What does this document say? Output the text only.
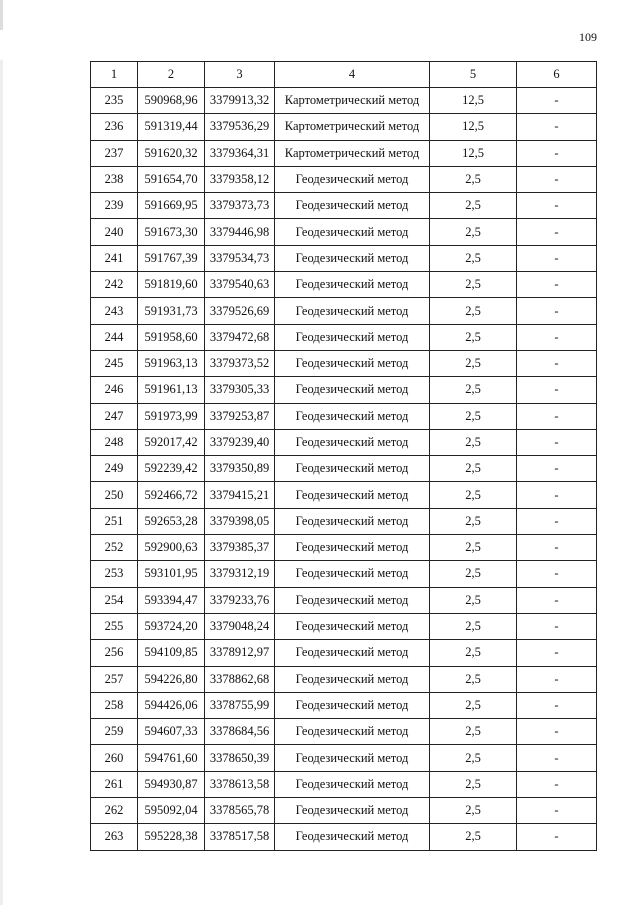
109
1	2	3	4	5	6
235	590968,96	3379913,32	Картометрический метод	12,5	-
236	591319,44	3379536,29	Картометрический метод	12,5	-
237	591620,32	3379364,31	Картометрический метод	12,5	-
238	591654,70	3379358,12	Геодезический метод	2,5	-
239	591669,95	3379373,73	Геодезический метод	2,5	-
240	591673,30	3379446,98	Геодезический метод	2,5	-
241	591767,39	3379534,73	Геодезический метод	2,5	-
242	591819,60	3379540,63	Геодезический метод	2,5	-
243	591931,73	3379526,69	Геодезический метод	2,5	-
244	591958,60	3379472,68	Геодезический метод	2,5	-
245	591963,13	3379373,52	Геодезический метод	2,5	-
246	591961,13	3379305,33	Геодезический метод	2,5	-
247	591973,99	3379253,87	Геодезический метод	2,5	-
248	592017,42	3379239,40	Геодезический метод	2,5	-
249	592239,42	3379350,89	Геодезический метод	2,5	-
250	592466,72	3379415,21	Геодезический метод	2,5	-
251	592653,28	3379398,05	Геодезический метод	2,5	-
252	592900,63	3379385,37	Геодезический метод	2,5	-
253	593101,95	3379312,19	Геодезический метод	2,5	-
254	593394,47	3379233,76	Геодезический метод	2,5	-
255	593724,20	3379048,24	Геодезический метод	2,5	-
256	594109,85	3378912,97	Геодезический метод	2,5	-
257	594226,80	3378862,68	Геодезический метод	2,5	-
258	594426,06	3378755,99	Геодезический метод	2,5	-
259	594607,33	3378684,56	Геодезический метод	2,5	-
260	594761,60	3378650,39	Геодезический метод	2,5	-
261	594930,87	3378613,58	Геодезический метод	2,5	-
262	595092,04	3378565,78	Геодезический метод	2,5	-
263	595228,38	3378517,58	Геодезический метод	2,5	-
